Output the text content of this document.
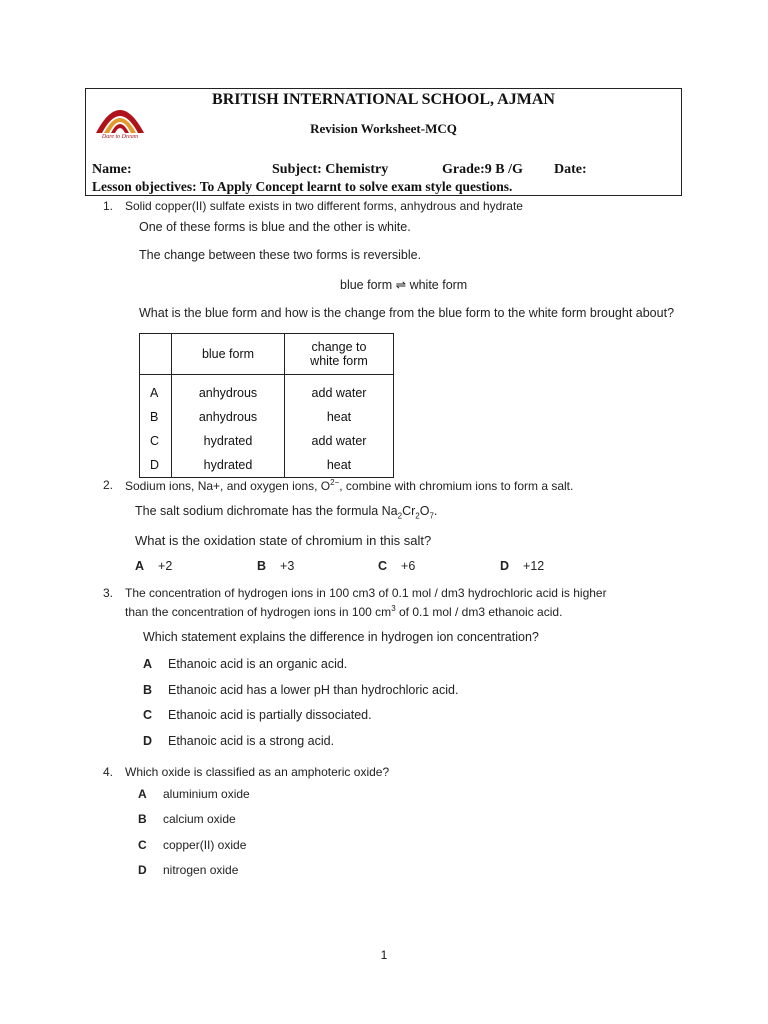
Dare to Dream
BRITISH INTERNATIONAL SCHOOL, AJMAN
Revision Worksheet-MCQ
Name:	Subject: Chemistry	Grade:9 B /G Date:
Lesson objectives: To Apply Concept learnt to solve exam style questions.
1. Solid copper(II) sulfate exists in two different forms, anhydrous and hydrate
One of these forms is blue and the other is white.
The change between these two forms is reversible.
blue form ⇌ white form
What is the blue form and how is the change from the blue form to the white form brought about?
	blue form	change to
white form
A	anhydrous	add water
B	anhydrous	heat
C	hydrated	add water
D	hydrated	heat
2. Sodium ions, Na+, and oxygen ions, $O^{2-}$, combine with chromium ions to form a salt.
The salt sodium dichromate has the formula $Na_2Cr_2O_7$.
What is the oxidation state of chromium in this salt?
A +2	B +3	C +6	D +12
3. The concentration of hydrogen ions in 100 cm3 of 0.1 mol / dm3 hydrochloric acid is higher
than the concentration of hydrogen ions in 100 $cm^3$ of 0.1 mol / dm3 ethanoic acid.
Which statement explains the difference in hydrogen ion concentration?
A Ethanoic acid is an organic acid.
B Ethanoic acid has a lower pH than hydrochloric acid.
C Ethanoic acid is partially dissociated.
D Ethanoic acid is a strong acid.
4. Which oxide is classified as an amphoteric oxide?
A aluminium oxide
B calcium oxide
C copper(II) oxide
D nitrogen oxide
1
